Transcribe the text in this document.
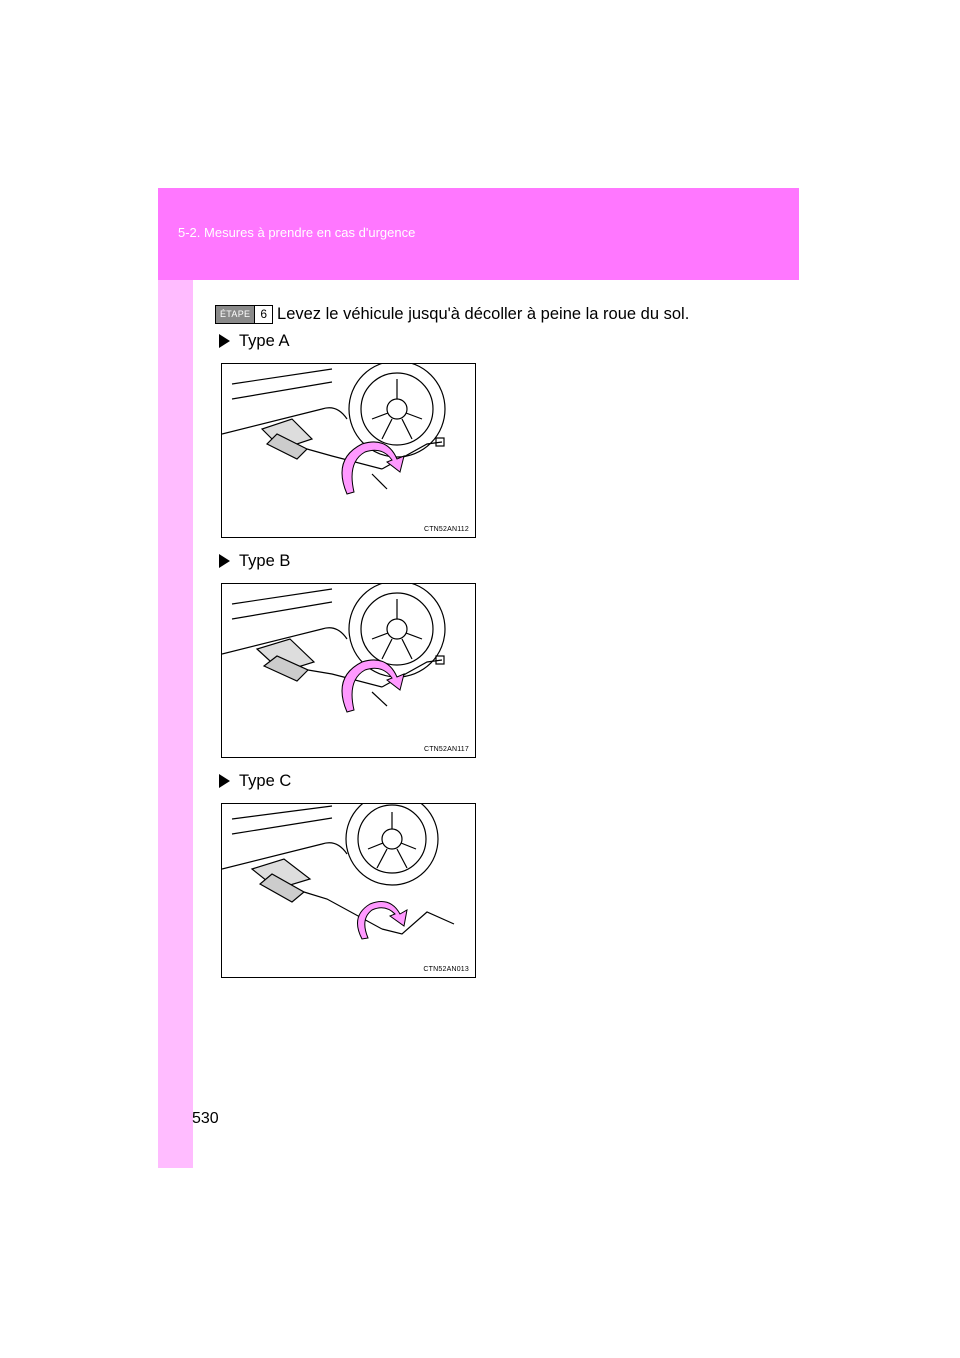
5-2. Mesures à prendre en cas d'urgence
ÉTAPE 6 Levez le véhicule jusqu'à décoller à peine la roue du sol.
Type A
CTN52AN112
Type B
CTN52AN117
Type C
CTN52AN013
530
